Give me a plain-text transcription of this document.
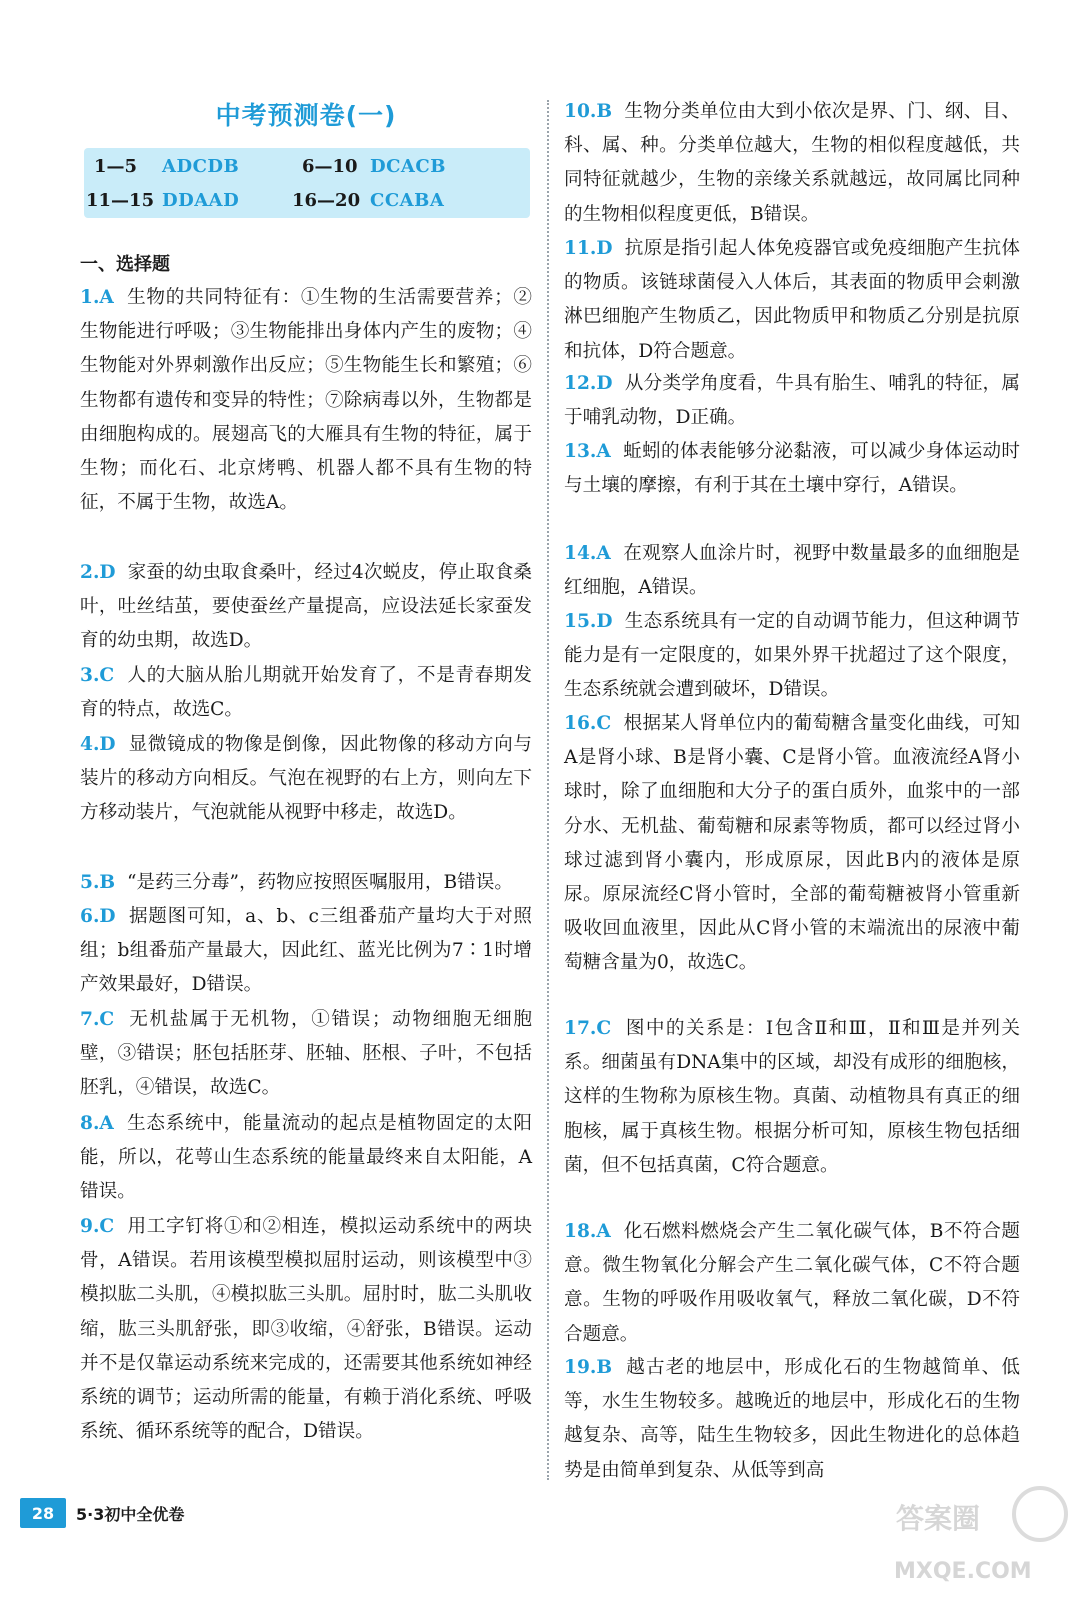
中考预测卷(一)
1—5 ADCDB	6—10 DCACB
11—15 DDAAD	16—20 CCABA
一、选择题
1.A 生物的共同特征有：①生物的生活需要营养；②生物能进行呼吸；③生物能排出身体内产生的废物；④生物能对外界刺激作出反应；⑤生物能生长和繁殖；⑥生物都有遗传和变异的特性；⑦除病毒以外，生物都是由细胞构成的。展翅高飞的大雁具有生物的特征，属于生物；而化石、北京烤鸭、机器人都不具有生物的特征，不属于生物，故选A。
2.D 家蚕的幼虫取食桑叶，经过4次蜕皮，停止取食桑叶，吐丝结茧，要使蚕丝产量提高，应设法延长家蚕发育的幼虫期，故选D。
3.C 人的大脑从胎儿期就开始发育了，不是青春期发育的特点，故选C。
4.D 显微镜成的物像是倒像，因此物像的移动方向与装片的移动方向相反。气泡在视野的右上方，则向左下方移动装片，气泡就能从视野中移走，故选D。
5.B “是药三分毒”，药物应按照医嘱服用，B错误。
6.D 据题图可知，a、b、c三组番茄产量均大于对照组；b组番茄产量最大，因此红、蓝光比例为7∶1时增产效果最好，D错误。
7.C 无机盐属于无机物，①错误；动物细胞无细胞壁，③错误；胚包括胚芽、胚轴、胚根、子叶，不包括胚乳，④错误，故选C。
8.A 生态系统中，能量流动的起点是植物固定的太阳能，所以，花萼山生态系统的能量最终来自太阳能，A错误。
9.C 用工字钉将①和②相连，模拟运动系统中的两块骨，A错误。若用该模型模拟屈肘运动，则该模型中③模拟肱二头肌，④模拟肱三头肌。屈肘时，肱二头肌收缩，肱三头肌舒张，即③收缩，④舒张，B错误。运动并不是仅靠运动系统来完成的，还需要其他系统如神经系统的调节；运动所需的能量，有赖于消化系统、呼吸系统、循环系统等的配合，D错误。
10.B 生物分类单位由大到小依次是界、门、纲、目、科、属、种。分类单位越大，生物的相似程度越低，共同特征就越少，生物的亲缘关系就越远，故同属比同种的生物相似程度更低，B错误。
11.D 抗原是指引起人体免疫器官或免疫细胞产生抗体的物质。该链球菌侵入人体后，其表面的物质甲会刺激淋巴细胞产生物质乙，因此物质甲和物质乙分别是抗原和抗体，D符合题意。
12.D 从分类学角度看，牛具有胎生、哺乳的特征，属于哺乳动物，D正确。
13.A 蚯蚓的体表能够分泌黏液，可以减少身体运动时与土壤的摩擦，有利于其在土壤中穿行，A错误。
14.A 在观察人血涂片时，视野中数量最多的血细胞是红细胞，A错误。
15.D 生态系统具有一定的自动调节能力，但这种调节能力是有一定限度的，如果外界干扰超过了这个限度，生态系统就会遭到破坏，D错误。
16.C 根据某人肾单位内的葡萄糖含量变化曲线，可知A是肾小球、B是肾小囊、C是肾小管。血液流经A肾小球时，除了血细胞和大分子的蛋白质外，血浆中的一部分水、无机盐、葡萄糖和尿素等物质，都可以经过肾小球过滤到肾小囊内，形成原尿，因此B内的液体是原尿。原尿流经C肾小管时，全部的葡萄糖被肾小管重新吸收回血液里，因此从C肾小管的末端流出的尿液中葡萄糖含量为0，故选C。
17.C 图中的关系是：Ⅰ包含Ⅱ和Ⅲ，Ⅱ和Ⅲ是并列关系。细菌虽有DNA集中的区域，却没有成形的细胞核，这样的生物称为原核生物。真菌、动植物具有真正的细胞核，属于真核生物。根据分析可知，原核生物包括细菌，但不包括真菌，C符合题意。
18.A 化石燃料燃烧会产生二氧化碳气体，B不符合题意。微生物氧化分解会产生二氧化碳气体，C不符合题意。生物的呼吸作用吸收氧气，释放二氧化碳，D不符合题意。
19.B 越古老的地层中，形成化石的生物越简单、低等，水生生物较多。越晚近的地层中，形成化石的生物越复杂、高等，陆生生物较多，因此生物进化的总体趋势是由简单到复杂、从低等到高
28	5·3初中全优卷	答案圈
MXQE.COM
